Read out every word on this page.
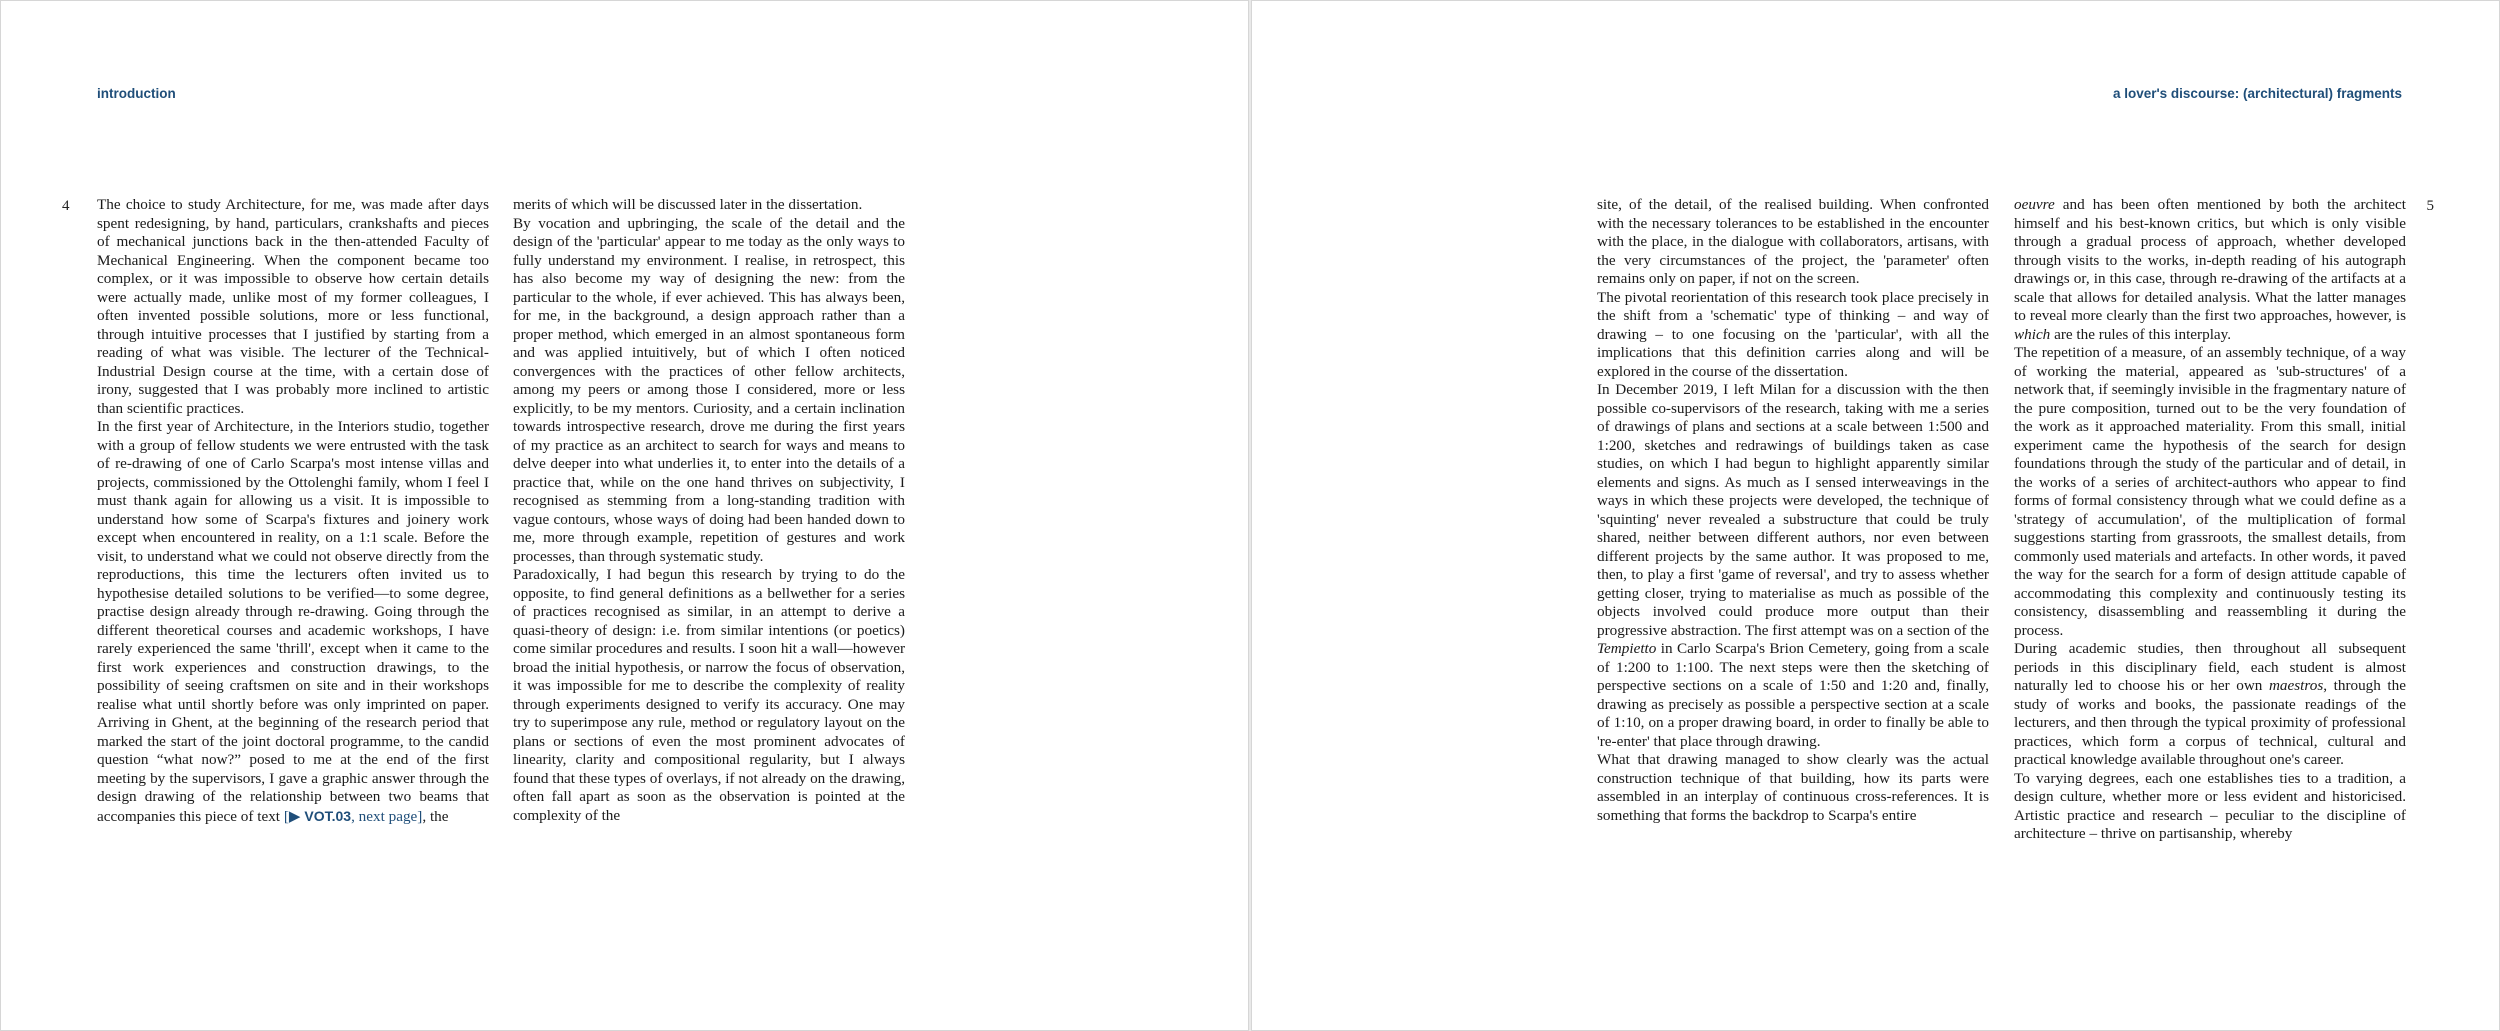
introduction
4 The choice to study Architecture, for me, was made after days spent redesigning, by hand, particulars, crankshafts and pieces of mechanical junctions back in the then-attended Faculty of Mechanical Engineering. When the component became too complex, or it was impossible to observe how certain details were actually made, unlike most of my former colleagues, I often invented possible solutions, more or less functional, through intuitive processes that I justified by starting from a reading of what was visible. The lecturer of the Technical-Industrial Design course at the time, with a certain dose of irony, suggested that I was probably more inclined to artistic than scientific practices.

In the first year of Architecture, in the Interiors studio, together with a group of fellow students we were entrusted with the task of re-drawing of one of Carlo Scarpa's most intense villas and projects, commissioned by the Ottolenghi family, whom I feel I must thank again for allowing us a visit. It is impossible to understand how some of Scarpa's fixtures and joinery work except when encountered in reality, on a 1:1 scale. Before the visit, to understand what we could not observe directly from the reproductions, this time the lecturers often invited us to hypothesise detailed solutions to be verified—to some degree, practise design already through re-drawing. Going through the different theoretical courses and academic workshops, I have rarely experienced the same 'thrill', except when it came to the first work experiences and construction drawings, to the possibility of seeing craftsmen on site and in their workshops realise what until shortly before was only imprinted on paper. Arriving in Ghent, at the beginning of the research period that marked the start of the joint doctoral programme, to the candid question “what now?” posed to me at the end of the first meeting by the supervisors, I gave a graphic answer through the design drawing of the relationship between two beams that accompanies this piece of text [▶ VOT.03, next page], the

merits of which will be discussed later in the dissertation.

By vocation and upbringing, the scale of the detail and the design of the 'particular' appear to me today as the only ways to fully understand my environment. I realise, in retrospect, this has also become my way of designing the new: from the particular to the whole, if ever achieved. This has always been, for me, in the background, a design approach rather than a proper method, which emerged in an almost spontaneous form and was applied intuitively, but of which I often noticed convergences with the practices of other fellow architects, among my peers or among those I considered, more or less explicitly, to be my mentors. Curiosity, and a certain inclination towards introspective research, drove me during the first years of my practice as an architect to search for ways and means to delve deeper into what underlies it, to enter into the details of a practice that, while on the one hand thrives on subjectivity, I recognised as stemming from a long-standing tradition with vague contours, whose ways of doing had been handed down to me, more through example, repetition of gestures and work processes, than through systematic study.

Paradoxically, I had begun this research by trying to do the opposite, to find general definitions as a bellwether for a series of practices recognised as similar, in an attempt to derive a quasi-theory of design: i.e. from similar intentions (or poetics) come similar procedures and results. I soon hit a wall—however broad the initial hypothesis, or narrow the focus of observation, it was impossible for me to describe the complexity of reality through experiments designed to verify its accuracy. One may try to superimpose any rule, method or regulatory layout on the plans or sections of even the most prominent advocates of linearity, clarity and compositional regularity, but I always found that these types of overlays, if not already on the drawing, often fall apart as soon as the observation is pointed at the complexity of the

a lover's discourse: (architectural) fragments
5

site, of the detail, of the realised building. When confronted with the necessary tolerances to be established in the encounter with the place, in the dialogue with collaborators, artisans, with the very circumstances of the project, the 'parameter' often remains only on paper, if not on the screen.

The pivotal reorientation of this research took place precisely in the shift from a 'schematic' type of thinking – and way of drawing – to one focusing on the 'particular', with all the implications that this definition carries along and will be explored in the course of the dissertation.

In December 2019, I left Milan for a discussion with the then possible co-supervisors of the research, taking with me a series of drawings of plans and sections at a scale between 1:500 and 1:200, sketches and redrawings of buildings taken as case studies, on which I had begun to highlight apparently similar elements and signs. As much as I sensed interweavings in the ways in which these projects were developed, the technique of 'squinting' never revealed a substructure that could be truly shared, neither between different authors, nor even between different projects by the same author. It was proposed to me, then, to play a first 'game of reversal', and try to assess whether getting closer, trying to materialise as much as possible of the objects involved could produce more output than their progressive abstraction. The first attempt was on a section of the Tempietto in Carlo Scarpa's Brion Cemetery, going from a scale of 1:200 to 1:100. The next steps were then the sketching of perspective sections on a scale of 1:50 and 1:20 and, finally, drawing as precisely as possible a perspective section at a scale of 1:10, on a proper drawing board, in order to finally be able to 're-enter' that place through drawing.

What that drawing managed to show clearly was the actual construction technique of that building, how its parts were assembled in an interplay of continuous cross-references. It is something that forms the backdrop to Scarpa's entire

oeuvre and has been often mentioned by both the architect himself and his best-known critics, but which is only visible through a gradual process of approach, whether developed through visits to the works, in-depth reading of his autograph drawings or, in this case, through re-drawing of the artifacts at a scale that allows for detailed analysis. What the latter manages to reveal more clearly than the first two approaches, however, is which are the rules of this interplay.

The repetition of a measure, of an assembly technique, of a way of working the material, appeared as 'sub-structures' of a network that, if seemingly invisible in the fragmentary nature of the pure composition, turned out to be the very foundation of the work as it approached materiality. From this small, initial experiment came the hypothesis of the search for design foundations through the study of the particular and of detail, in the works of a series of architect-authors who appear to find forms of formal consistency through what we could define as a 'strategy of accumulation', of the multiplication of formal suggestions starting from grassroots, the smallest details, from commonly used materials and artefacts. In other words, it paved the way for the search for a form of design attitude capable of accommodating this complexity and continuously testing its consistency, disassembling and reassembling it during the process.

During academic studies, then throughout all subsequent periods in this disciplinary field, each student is almost naturally led to choose his or her own maestros, through the study of works and books, the passionate readings of the lecturers, and then through the typical proximity of professional practices, which form a corpus of technical, cultural and practical knowledge available throughout one's career.

To varying degrees, each one establishes ties to a tradition, a design culture, whether more or less evident and historicised. Artistic practice and research – peculiar to the discipline of architecture – thrive on partisanship, whereby
